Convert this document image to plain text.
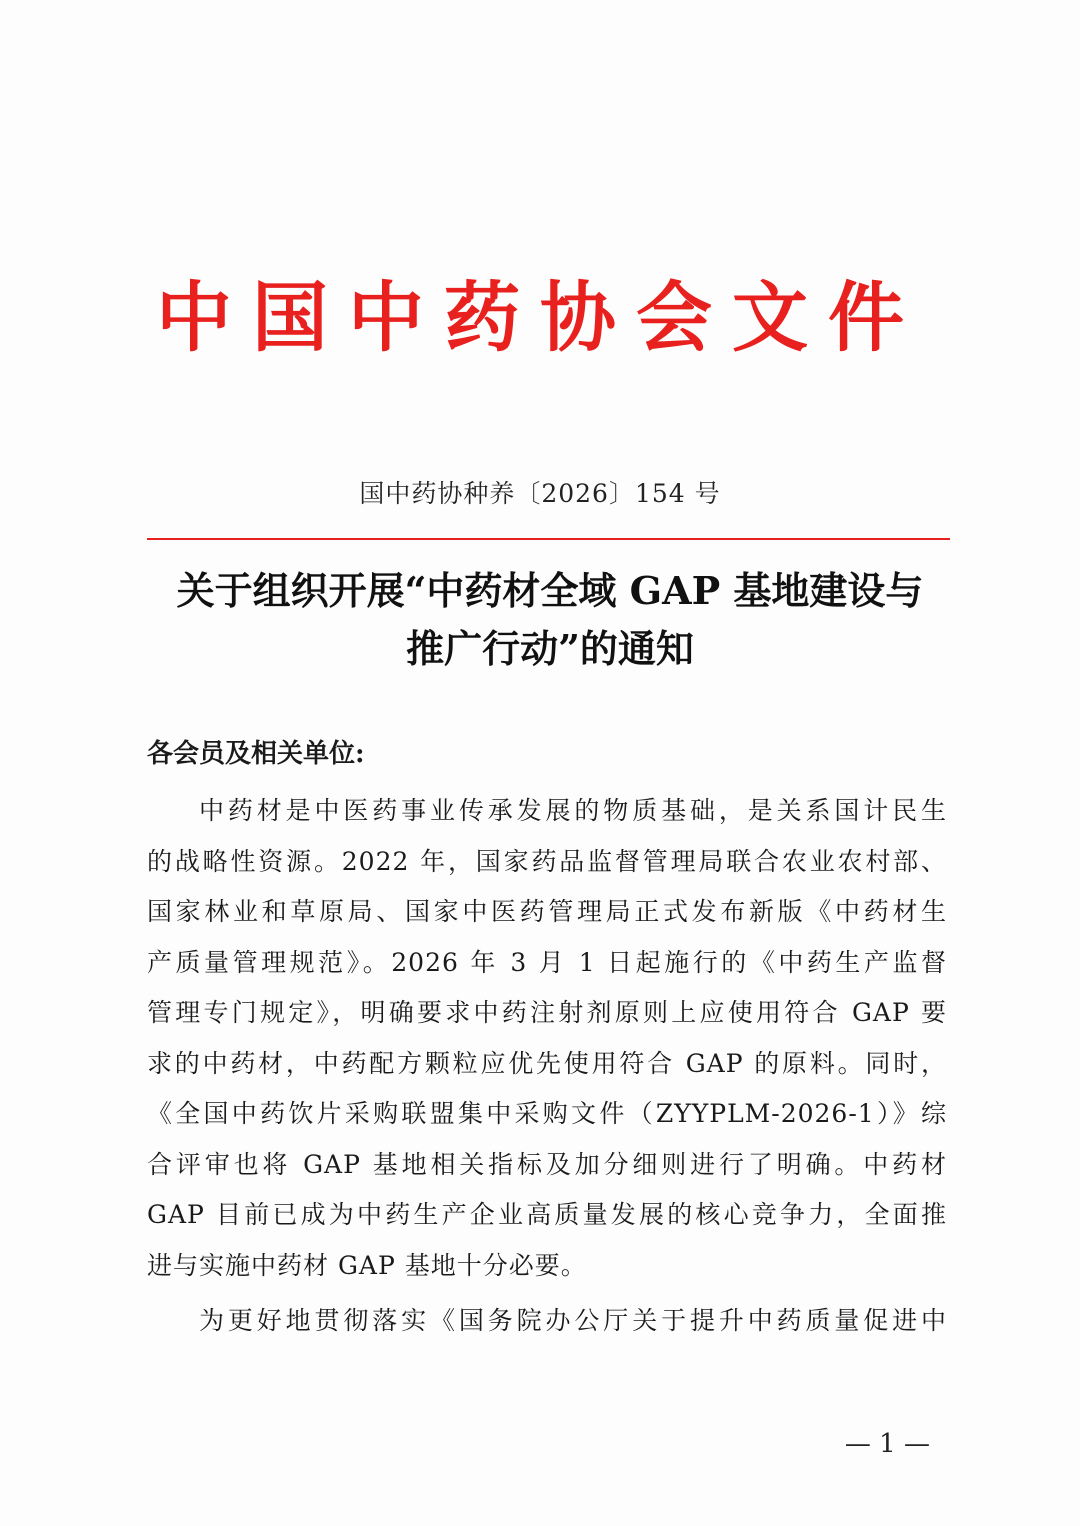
中国中药协会文件
国中药协种养〔2026〕154 号
关于组织开展“中药材全域 GAP 基地建设与
推广行动”的通知
各会员及相关单位:
中药材是中医药事业传承发展的物质基础，是关系国计民生
的战略性资源。2022 年，国家药品监督管理局联合农业农村部、
国家林业和草原局、国家中医药管理局正式发布新版《中药材生
产质量管理规范》。2026 年 3 月 1 日起施行的《中药生产监督
管理专门规定》，明确要求中药注射剂原则上应使用符合 GAP 要
求的中药材，中药配方颗粒应优先使用符合 GAP 的原料。同时，
《全国中药饮片采购联盟集中采购文件（ZYYPLM-2026-1）》综
合评审也将 GAP 基地相关指标及加分细则进行了明确。中药材
GAP 目前已成为中药生产企业高质量发展的核心竞争力，全面推
进与实施中药材 GAP 基地十分必要。
为更好地贯彻落实《国务院办公厅关于提升中药质量促进中
— 1 —
